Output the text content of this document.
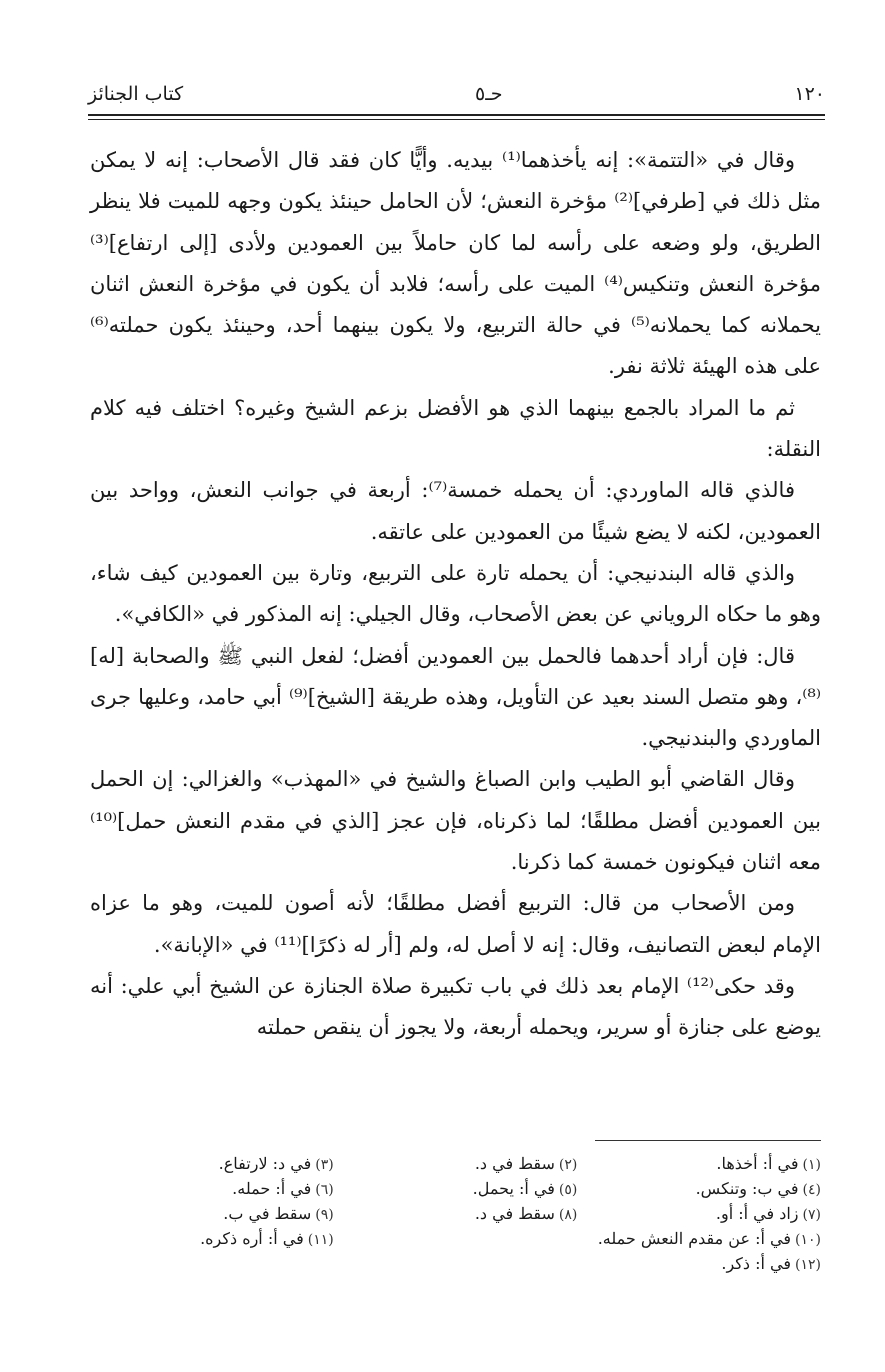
١٢٠
حـ٥
كتاب الجنائز

وقال في «التتمة»: إنه يأخذهما⁽¹⁾ بيديه. وأيًّا كان فقد قال الأصحاب: إنه لا يمكن مثل ذلك في [طرفي]⁽²⁾ مؤخرة النعش؛ لأن الحامل حينئذ يكون وجهه للميت فلا ينظر الطريق، ولو وضعه على رأسه لما كان حاملاً بين العمودين ولأدى [إلى ارتفاع]⁽³⁾ مؤخرة النعش وتنكيس⁽⁴⁾ الميت على رأسه؛ فلابد أن يكون في مؤخرة النعش اثنان يحملانه كما يحملانه⁽⁵⁾ في حالة التربيع، ولا يكون بينهما أحد، وحينئذ يكون حملته⁽⁶⁾ على هذه الهيئة ثلاثة نفر.

ثم ما المراد بالجمع بينهما الذي هو الأفضل بزعم الشيخ وغيره؟ اختلف فيه كلام النقلة:

فالذي قاله الماوردي: أن يحمله خمسة⁽⁷⁾: أربعة في جوانب النعش، وواحد بين العمودين، لكنه لا يضع شيئًا من العمودين على عاتقه.

والذي قاله البندنيجي: أن يحمله تارة على التربيع، وتارة بين العمودين كيف شاء، وهو ما حكاه الروياني عن بعض الأصحاب، وقال الجيلي: إنه المذكور في «الكافي».

قال: فإن أراد أحدهما فالحمل بين العمودين أفضل؛ لفعل النبي ﷺ والصحابة [له]⁽⁸⁾، وهو متصل السند بعيد عن التأويل، وهذه طريقة [الشيخ]⁽⁹⁾ أبي حامد، وعليها جرى الماوردي والبندنيجي.

وقال القاضي أبو الطيب وابن الصباغ والشيخ في «المهذب» والغزالي: إن الحمل بين العمودين أفضل مطلقًا؛ لما ذكرناه، فإن عجز [الذي في مقدم النعش حمل]⁽¹⁰⁾ معه اثنان فيكونون خمسة كما ذكرنا.

ومن الأصحاب من قال: التربيع أفضل مطلقًا؛ لأنه أصون للميت، وهو ما عزاه الإمام لبعض التصانيف، وقال: إنه لا أصل له، ولم [أر له ذكرًا]⁽¹¹⁾ في «الإبانة».

وقد حكى⁽¹²⁾ الإمام بعد ذلك في باب تكبيرة صلاة الجنازة عن الشيخ أبي علي: أنه يوضع على جنازة أو سرير، ويحمله أربعة، ولا يجوز أن ينقص حملته

(١)في أ: أخذها.
(٢)سقط في د.
(٣)في د: لارتفاع.
(٤)في ب: وتنكس.
(٥)في أ: يحمل.
(٦)في أ: حمله.
(٧)زاد في أ: أو.
(٨)سقط في د.
(٩)سقط في ب.
(١٠)في أ: عن مقدم النعش حمله.
(١١)في أ: أره ذكره.
(١٢)في أ: ذكر.
